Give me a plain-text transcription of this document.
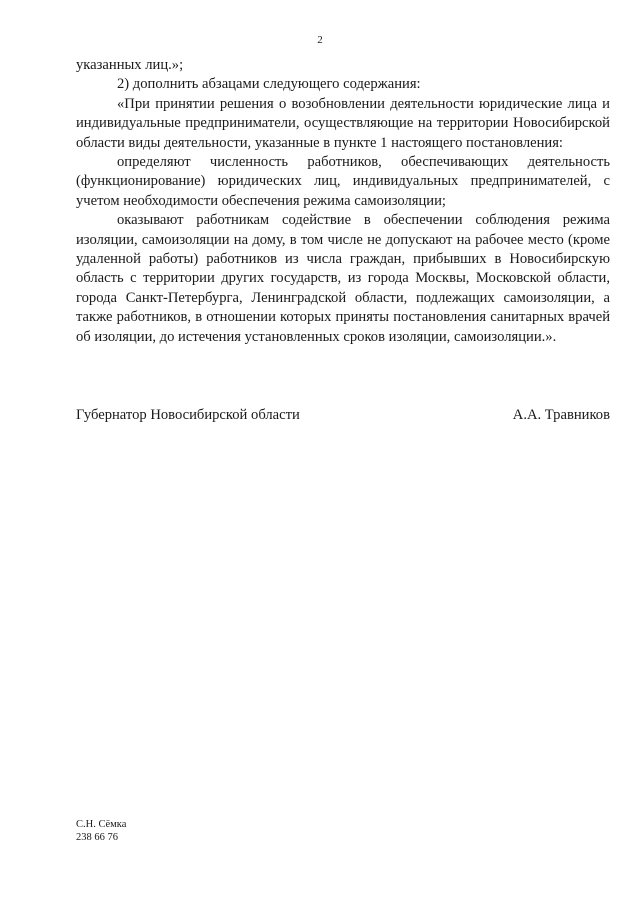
2

указанных лиц.»;

2) дополнить абзацами следующего содержания:

«При принятии решения о возобновлении деятельности юридические лица и индивидуальные предприниматели, осуществляющие на территории Новосибирской области виды деятельности, указанные в пункте 1 настоящего постановления:

определяют численность работников, обеспечивающих деятельность (функционирование) юридических лиц, индивидуальных предпринимателей, с учетом необходимости обеспечения режима самоизоляции;

оказывают работникам содействие в обеспечении соблюдения режима изоляции, самоизоляции на дому, в том числе не допускают на рабочее место (кроме удаленной работы) работников из числа граждан, прибывших в Новосибирскую область с территории других государств, из города Москвы, Московской области, города Санкт-Петербурга, Ленинградской области, подлежащих самоизоляции, а также работников, в отношении которых приняты постановления санитарных врачей об изоляции, до истечения установленных сроков изоляции, самоизоляции.».

Губернатор Новосибирской области	А.А. Травников
С.Н. Сёмка
238 66 76
